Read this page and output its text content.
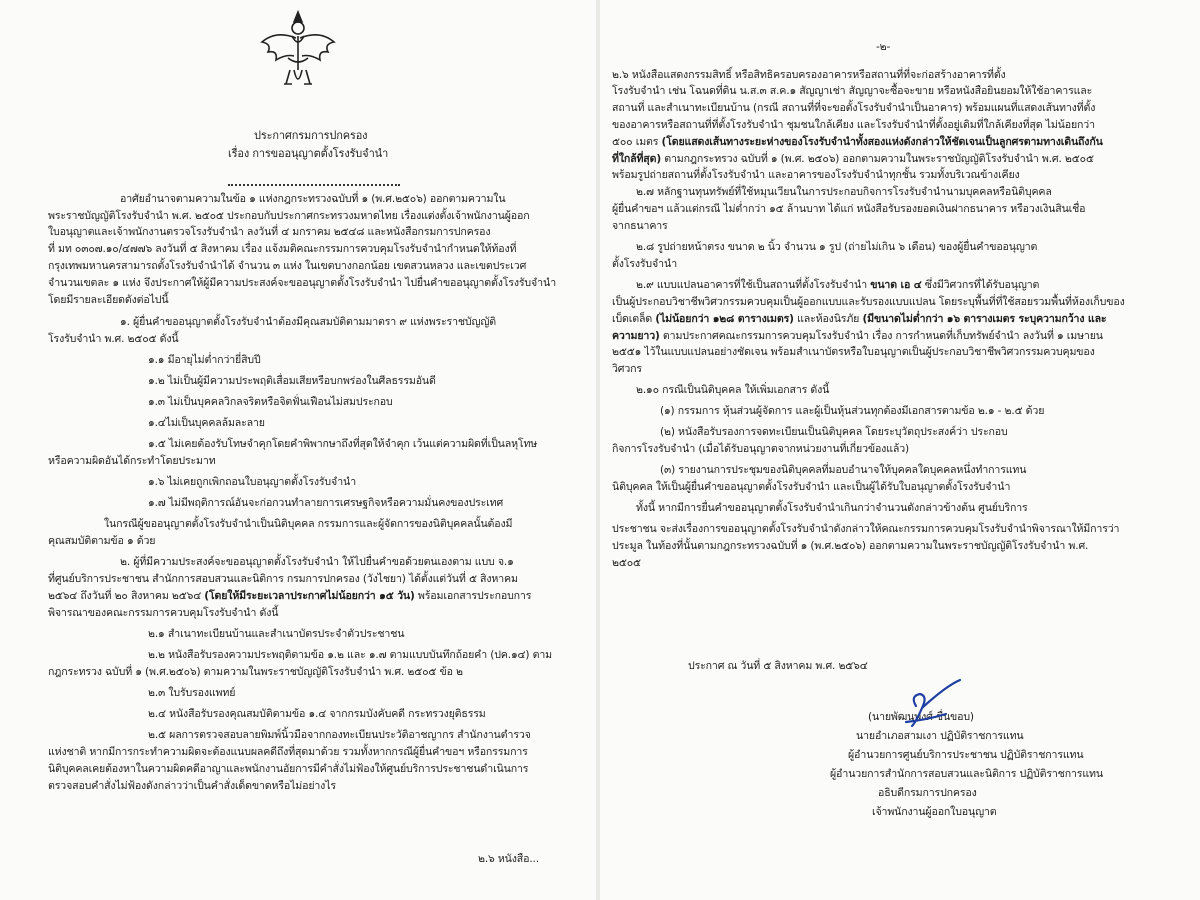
ประกาศกรมการปกครอง
เรื่อง การขออนุญาตตั้งโรงรับจำนำ
อาศัยอำนาจตามความในข้อ ๑ แห่งกฎกระทรวงฉบับที่ ๑ (พ.ศ.๒๕๐๖) ออกตามความใน
พระราชบัญญัติโรงรับจำนำ พ.ศ. ๒๕๐๕ ประกอบกับประกาศกระทรวงมหาดไทย เรื่องแต่งตั้งเจ้าพนักงานผู้ออก
ใบอนุญาตและเจ้าพนักงานตรวจโรงรับจำนำ ลงวันที่ ๔ มกราคม ๒๕๔๘ และหนังสือกรมการปกครอง
ที่ มท ๐๓๐๗.๑๐/๔๗๗๖ ลงวันที่ ๕ สิงหาคม เรื่อง แจ้งมติคณะกรรมการควบคุมโรงรับจำนำกำหนดให้ท้องที่
กรุงเทพมหานครสามารถตั้งโรงรับจำนำได้ จำนวน ๓ แห่ง ในเขตบางกอกน้อย เขตสวนหลวง และเขตประเวศ
จำนวนเขตละ ๑ แห่ง จึงประกาศให้ผู้มีความประสงค์จะขออนุญาตตั้งโรงรับจำนำ ไปยื่นคำขออนุญาตตั้งโรงรับจำนำ
โดยมีรายละเอียดดังต่อไปนี้
๑. ผู้ยื่นคำขออนุญาตตั้งโรงรับจำนำต้องมีคุณสมบัติตามมาตรา ๙ แห่งพระราชบัญญัติ
โรงรับจำนำ พ.ศ. ๒๕๐๕ ดังนี้
๑.๑ มีอายุไม่ต่ำกว่ายี่สิบปี
๑.๒ ไม่เป็นผู้มีความประพฤติเสื่อมเสียหรือบกพร่องในศีลธรรมอันดี
๑.๓ ไม่เป็นบุคคลวิกลจริตหรือจิตฟั่นเฟือนไม่สมประกอบ
๑.๔ไม่เป็นบุคคลล้มละลาย
๑.๕ ไม่เคยต้องรับโทษจำคุกโดยคำพิพากษาถึงที่สุดให้จำคุก เว้นแต่ความผิดที่เป็นลหุโทษ
หรือความผิดอันได้กระทำโดยประมาท
๑.๖ ไม่เคยถูกเพิกถอนใบอนุญาตตั้งโรงรับจำนำ
๑.๗ ไม่มีพฤติการณ์อันจะก่อกวนทำลายการเศรษฐกิจหรือความมั่นคงของประเทศ
ในกรณีผู้ขออนุญาตตั้งโรงรับจำนำเป็นนิติบุคคล กรรมการและผู้จัดการของนิติบุคคลนั้นต้องมี
คุณสมบัติตามข้อ ๑ ด้วย
๒. ผู้ที่มีความประสงค์จะขออนุญาตตั้งโรงรับจำนำ ให้ไปยื่นคำขอด้วยตนเองตาม แบบ จ.๑
ที่ศูนย์บริการประชาชน สำนักการสอบสวนและนิติการ กรมการปกครอง (วังไชยา) ได้ตั้งแต่วันที่ ๕ สิงหาคม
๒๕๖๔ ถึงวันที่ ๒๐ สิงหาคม ๒๕๖๔ (โดยให้มีระยะเวลาประกาศไม่น้อยกว่า ๑๕ วัน) พร้อมเอกสารประกอบการ
พิจารณาของคณะกรรมการควบคุมโรงรับจำนำ ดังนี้
๒.๑ สำเนาทะเบียนบ้านและสำเนาบัตรประจำตัวประชาชน
๒.๒ หนังสือรับรองความประพฤติตามข้อ ๑.๒ และ ๑.๗ ตามแบบบันทึกถ้อยคำ (ปค.๑๔) ตาม
กฎกระทรวง ฉบับที่ ๑ (พ.ศ.๒๕๐๖) ตามความในพระราชบัญญัติโรงรับจำนำ พ.ศ. ๒๕๐๕ ข้อ ๒
๒.๓ ใบรับรองแพทย์
๒.๔ หนังสือรับรองคุณสมบัติตามข้อ ๑.๔ จากกรมบังคับคดี กระทรวงยุติธรรม
๒.๕ ผลการตรวจสอบลายพิมพ์นิ้วมือจากกองทะเบียนประวัติอาชญากร สำนักงานตำรวจ
แห่งชาติ หากมีการกระทำความผิดจะต้องแนบผลคดีถึงที่สุดมาด้วย รวมทั้งหากกรณีผู้ยื่นคำขอฯ หรือกรรมการ
นิติบุคคลเคยต้องหาในความผิดคดีอาญาและพนักงานอัยการมีคำสั่งไม่ฟ้องให้ศูนย์บริการประชาชนดำเนินการ
ตรวจสอบคำสั่งไม่ฟ้องดังกล่าวว่าเป็นคำสั่งเด็ดขาดหรือไม่อย่างไร
๒.๖ หนังสือ...
-๒-
๒.๖ หนังสือแสดงกรรมสิทธิ์ หรือสิทธิครอบครองอาคารหรือสถานที่ที่จะก่อสร้างอาคารที่ตั้ง
โรงรับจำนำ เช่น โฉนดที่ดิน น.ส.๓ ส.ค.๑ สัญญาเช่า สัญญาจะซื้อจะขาย หรือหนังสือยินยอมให้ใช้อาคารและ
สถานที่ และสำเนาทะเบียนบ้าน (กรณี สถานที่ที่จะขอตั้งโรงรับจำนำเป็นอาคาร) พร้อมแผนที่แสดงเส้นทางที่ตั้ง
ของอาคารหรือสถานที่ที่ตั้งโรงรับจำนำ ชุมชนใกล้เคียง และโรงรับจำนำที่ตั้งอยู่เดิมที่ใกล้เคียงที่สุด ไม่น้อยกว่า
๕๐๐ เมตร (โดยแสดงเส้นทางระยะห่างของโรงรับจำนำทั้งสองแห่งดังกล่าวให้ชัดเจนเป็นลูกศรตามทางเดินถึงกัน
ที่ใกล้ที่สุด) ตามกฎกระทรวง ฉบับที่ ๑ (พ.ศ. ๒๕๐๖) ออกตามความในพระราชบัญญัติโรงรับจำนำ พ.ศ. ๒๕๐๕
พร้อมรูปถ่ายสถานที่ตั้งโรงรับจำนำ และอาคารของโรงรับจำนำทุกชั้น รวมทั้งบริเวณข้างเคียง
๒.๗ หลักฐานทุนทรัพย์ที่ใช้หมุนเวียนในการประกอบกิจการโรงรับจำนำนามบุคคลหรือนิติบุคคล
ผู้ยื่นคำขอฯ แล้วแต่กรณี ไม่ต่ำกว่า ๑๕ ล้านบาท ได้แก่ หนังสือรับรองยอดเงินฝากธนาคาร หรือวงเงินสินเชื่อ
จากธนาคาร
๒.๘ รูปถ่ายหน้าตรง ขนาด ๒ นิ้ว จำนวน ๑ รูป (ถ่ายไม่เกิน ๖ เดือน) ของผู้ยื่นคำขออนุญาต
ตั้งโรงรับจำนำ
๒.๙ แบบแปลนอาคารที่ใช้เป็นสถานที่ตั้งโรงรับจำนำ ขนาด เอ ๔ ซึ่งมีวิศวกรที่ได้รับอนุญาต
เป็นผู้ประกอบวิชาชีพวิศวกรรมควบคุมเป็นผู้ออกแบบและรับรองแบบแปลน โดยระบุพื้นที่ที่ใช้สอยรวมพื้นที่ห้องเก็บของ
เบ็ดเตล็ด (ไม่น้อยกว่า ๑๒๘ ตารางเมตร) และห้องนิรภัย (มีขนาดไม่ต่ำกว่า ๑๖ ตารางเมตร ระบุความกว้าง และ
ความยาว) ตามประกาศคณะกรรมการควบคุมโรงรับจำนำ เรื่อง การกำหนดที่เก็บทรัพย์จำนำ ลงวันที่ ๑ เมษายน
๒๕๕๑ ไว้ในแบบแปลนอย่างชัดเจน พร้อมสำเนาบัตรหรือใบอนุญาตเป็นผู้ประกอบวิชาชีพวิศวกรรมควบคุมของ
วิศวกร
๒.๑๐ กรณีเป็นนิติบุคคล ให้เพิ่มเอกสาร ดังนี้
(๑) กรรมการ หุ้นส่วนผู้จัดการ และผู้เป็นหุ้นส่วนทุกต้องมีเอกสารตามข้อ ๒.๑ - ๒.๕ ด้วย
(๒) หนังสือรับรองการจดทะเบียนเป็นนิติบุคคล โดยระบุวัตถุประสงค์ว่า ประกอบ
กิจการโรงรับจำนำ (เมื่อได้รับอนุญาตจากหน่วยงานที่เกี่ยวข้องแล้ว)
(๓) รายงานการประชุมของนิติบุคคลที่มอบอำนาจให้บุคคลใดบุคคลหนึ่งทำการแทน
นิติบุคคล ให้เป็นผู้ยื่นคำขออนุญาตตั้งโรงรับจำนำ และเป็นผู้ได้รับใบอนุญาตตั้งโรงรับจำนำ
ทั้งนี้ หากมีการยื่นคำขออนุญาตตั้งโรงรับจำนำเกินกว่าจำนวนดังกล่าวข้างต้น ศูนย์บริการ
ประชาชน จะส่งเรื่องการขออนุญาตตั้งโรงรับจำนำดังกล่าวให้คณะกรรมการควบคุมโรงรับจำนำพิจารณาให้มีการว่า
ประมูล ในท้องที่นั้นตามกฎกระทรวงฉบับที่ ๑ (พ.ศ.๒๕๐๖) ออกตามความในพระราชบัญญัติโรงรับจำนำ พ.ศ.
๒๕๐๕
ประกาศ ณ วันที่ ๕ สิงหาคม พ.ศ. ๒๕๖๔
(นายพัฒนพงศ์ ชื่นขอบ)
นายอำเภอสามเงา ปฏิบัติราชการแทน
ผู้อำนวยการศูนย์บริการประชาชน ปฏิบัติราชการแทน
ผู้อำนวยการสำนักการสอบสวนและนิติการ ปฏิบัติราชการแทน
อธิบดีกรมการปกครอง
เจ้าพนักงานผู้ออกใบอนุญาต
